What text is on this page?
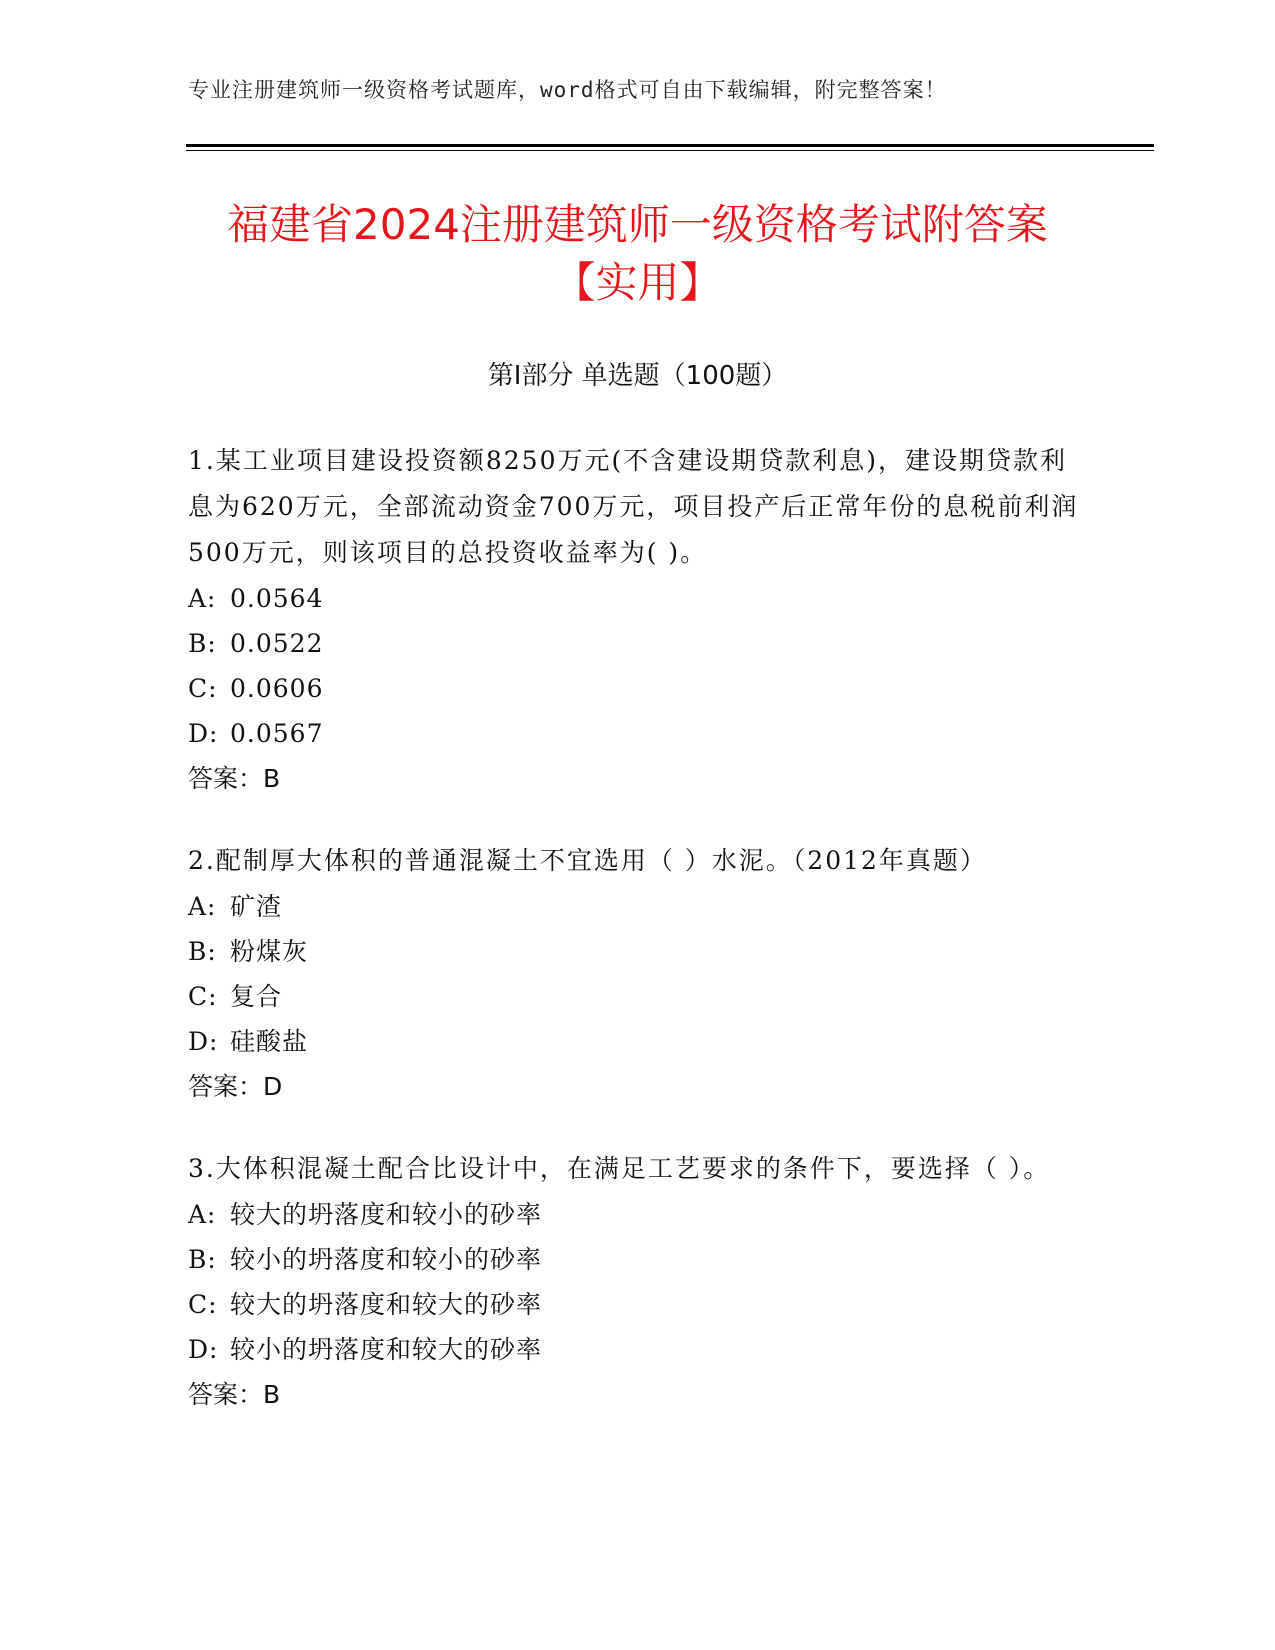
专业注册建筑师一级资格考试题库，word格式可自由下载编辑，附完整答案！
福建省2024注册建筑师一级资格考试附答案
【实用】
第I部分 单选题（100题）

1.某工业项目建设投资额8250万元(不含建设期贷款利息)，建设期贷款利息为620万元，全部流动资金700万元，项目投产后正常年份的息税前利润500万元，则该项目的总投资收益率为( )。

A: 0.0564

B: 0.0522

C: 0.0606

D: 0.0567

答案：B

2.配制厚大体积的普通混凝土不宜选用（ ）水泥。（2012年真题）

A: 矿渣

B: 粉煤灰

C: 复合

D: 硅酸盐

答案：D

3.大体积混凝土配合比设计中，在满足工艺要求的条件下，要选择（ ）。

A: 较大的坍落度和较小的砂率

B: 较小的坍落度和较小的砂率

C: 较大的坍落度和较大的砂率

D: 较小的坍落度和较大的砂率

答案：B
